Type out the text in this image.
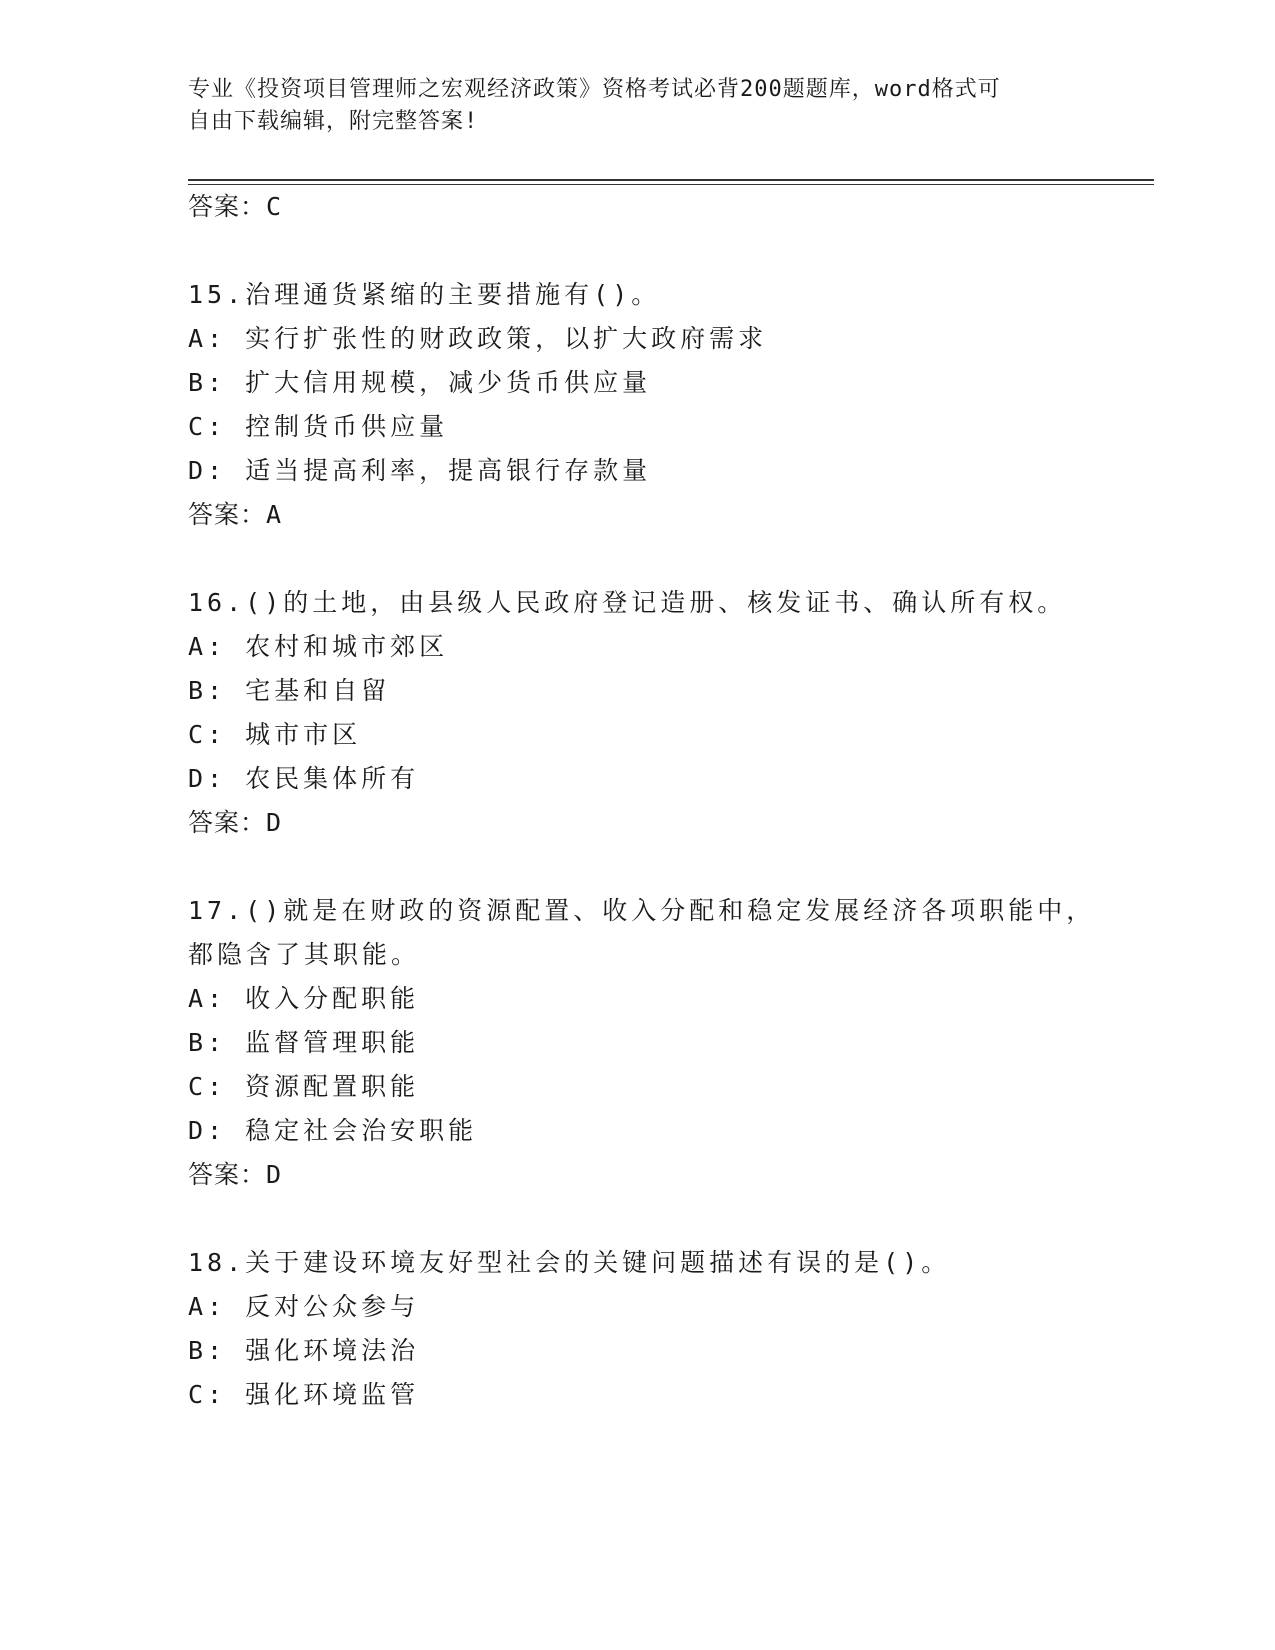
专业《投资项目管理师之宏观经济政策》资格考试必背200题题库，word格式可
自由下载编辑，附完整答案!
答案：C
15.治理通货紧缩的主要措施有()。
A: 实行扩张性的财政政策，以扩大政府需求
B: 扩大信用规模，减少货币供应量
C: 控制货币供应量
D: 适当提高利率，提高银行存款量
答案：A
16.()的土地，由县级人民政府登记造册、核发证书、确认所有权。
A: 农村和城市郊区
B: 宅基和自留
C: 城市市区
D: 农民集体所有
答案：D
17.()就是在财政的资源配置、收入分配和稳定发展经济各项职能中，
都隐含了其职能。
A: 收入分配职能
B: 监督管理职能
C: 资源配置职能
D: 稳定社会治安职能
答案：D
18.关于建设环境友好型社会的关键问题描述有误的是()。
A: 反对公众参与
B: 强化环境法治
C: 强化环境监管
